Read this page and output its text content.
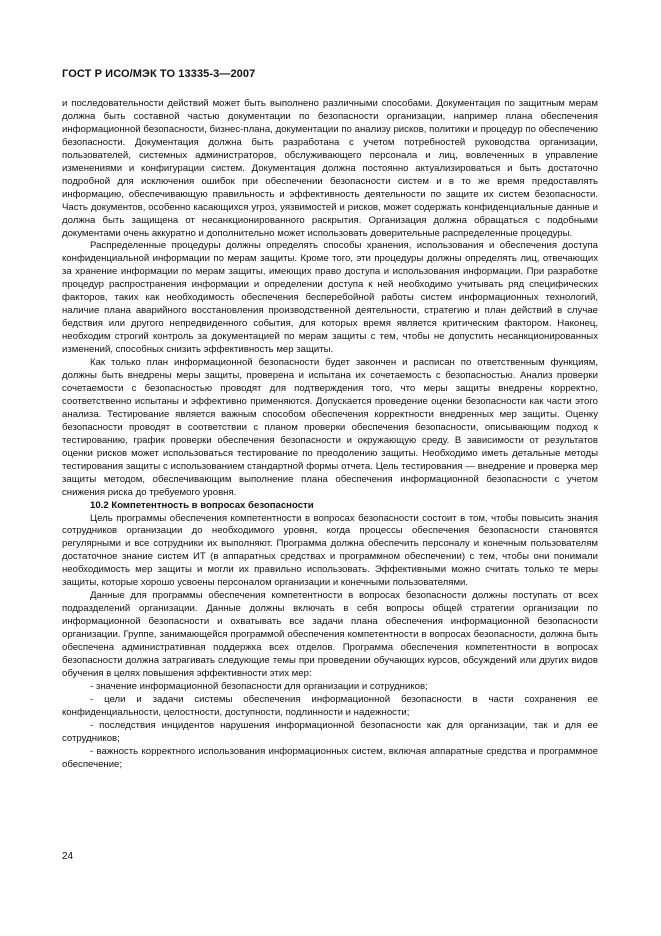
ГОСТ Р ИСО/МЭК ТО 13335-3—2007

и последовательности действий может быть выполнено различными способами. Документация по защитным мерам должна быть составной частью документации по безопасности организации, например плана обеспечения информационной безопасности, бизнес-плана, документации по анализу рисков, политики и процедур по обеспечению безопасности. Документация должна быть разработана с учетом потребностей руководства организации, пользователей, системных администраторов, обслуживающего персонала и лиц, вовлеченных в управление изменениями и конфигурации систем. Документация должна постоянно актуализироваться и быть достаточно подробной для исключения ошибок при обеспечении безопасности систем и в то же время предоставлять информацию, обеспечивающую правильность и эффективность деятельности по защите их систем безопасности. Часть документов, особенно касающихся угроз, уязвимостей и рисков, может содержать конфиденциальные данные и должна быть защищена от несанкционированного раскрытия. Организация должна обращаться с подобными документами очень аккуратно и дополнительно может использовать доверительные распределенные процедуры.

Распределенные процедуры должны определять способы хранения, использования и обеспечения доступа конфиденциальной информации по мерам защиты. Кроме того, эти процедуры должны определять лиц, отвечающих за хранение информации по мерам защиты, имеющих право доступа и использования информации. При разработке процедур распространения информации и определении доступа к ней необходимо учитывать ряд специфических факторов, таких как необходимость обеспечения бесперебойной работы систем информационных технологий, наличие плана аварийного восстановления производственной деятельности, стратегию и план действий в случае бедствия или другого непредвиденного события, для которых время является критическим фактором. Наконец, необходим строгий контроль за документацией по мерам защиты с тем, чтобы не допустить несанкционированных изменений, способных снизить эффективность мер защиты.

Как только план информационной безопасности будет закончен и расписан по ответственным функциям, должны быть внедрены меры защиты, проверена и испытана их сочетаемость с безопасностью. Анализ проверки сочетаемости с безопасностью проводят для подтверждения того, что меры защиты внедрены корректно, соответственно испытаны и эффективно применяются. Допускается проведение оценки безопасности как части этого анализа. Тестирование является важным способом обеспечения корректности внедренных мер защиты. Оценку безопасности проводят в соответствии с планом проверки обеспечения безопасности, описывающим подход к тестированию, график проверки обеспечения безопасности и окружающую среду. В зависимости от результатов оценки рисков может использоваться тестирование по преодолению защиты. Необходимо иметь детальные методы тестирования защиты с использованием стандартной формы отчета. Цель тестирования — внедрение и проверка мер защиты методом, обеспечивающим выполнение плана обеспечения информационной безопасности с учетом снижения риска до требуемого уровня.

10.2 Компетентность в вопросах безопасности

Цель программы обеспечения компетентности в вопросах безопасности состоит в том, чтобы повысить знания сотрудников организации до необходимого уровня, когда процессы обеспечения безопасности становятся регулярными и все сотрудники их выполняют. Программа должна обеспечить персоналу и конечным пользователям достаточное знание систем ИТ (в аппаратных средствах и программном обеспечении) с тем, чтобы они понимали необходимость мер защиты и могли их правильно использовать. Эффективными можно считать только те меры защиты, которые хорошо усвоены персоналом организации и конечными пользователями.

Данные для программы обеспечения компетентности в вопросах безопасности должны поступать от всех подразделений организации. Данные должны включать в себя вопросы общей стратегии организации по информационной безопасности и охватывать все задачи плана обеспечения информационной безопасности организации. Группе, занимающейся программой обеспечения компетентности в вопросах безопасности, должна быть обеспечена административная поддержка всех отделов. Программа обеспечения компетентности в вопросах безопасности должна затрагивать следующие темы при проведении обучающих курсов, обсуждений или других видов обучения в целях повышения эффективности этих мер:

- значение информационной безопасности для организации и сотрудников;
- цели и задачи системы обеспечения информационной безопасности в части сохранения ее конфиденциальности, целостности, доступности, подлинности и надежности;
- последствия инцидентов нарушения информационной безопасности как для организации, так и для ее сотрудников;
- важность корректного использования информационных систем, включая аппаратные средства и программное обеспечение;
24
